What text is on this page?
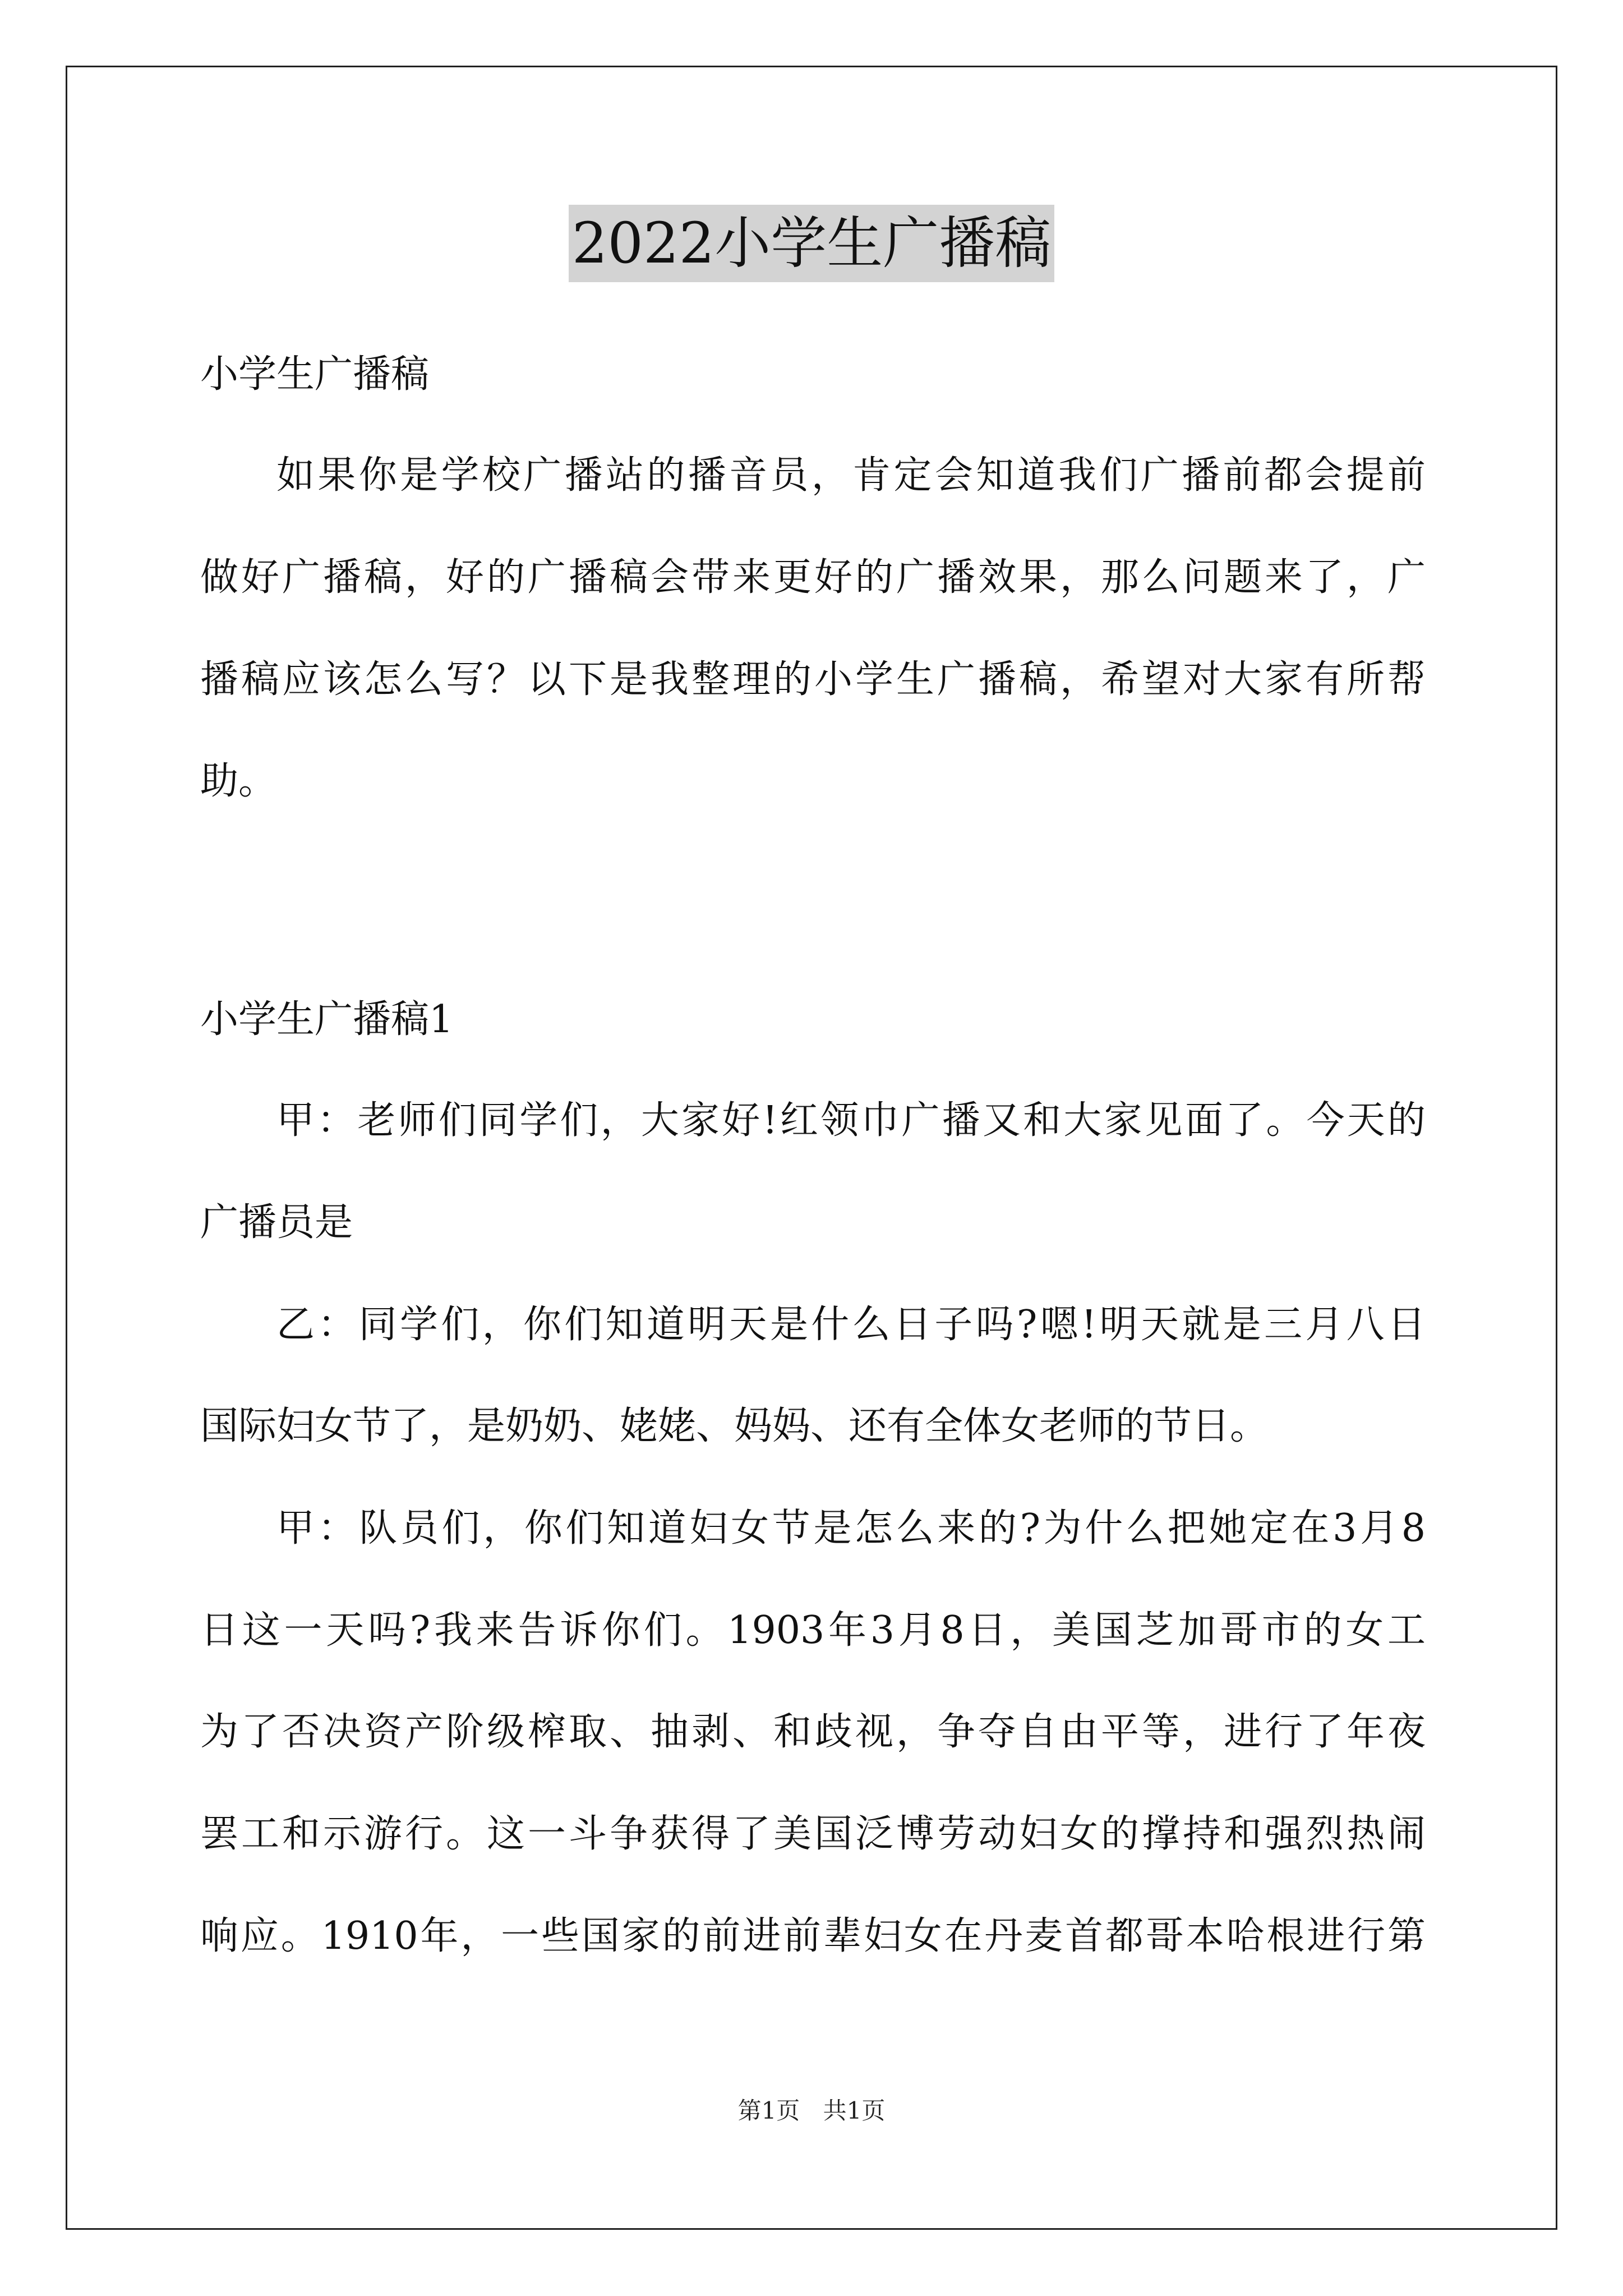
2022小学生广播稿
小学生广播稿
如果你是学校广播站的播音员，肯定会知道我们广播前都会提前
做好广播稿，好的广播稿会带来更好的广播效果，那么问题来了，广
播稿应该怎么写？以下是我整理的小学生广播稿，希望对大家有所帮
助。
小学生广播稿1
甲：老师们同学们，大家好!红领巾广播又和大家见面了。今天的
广播员是
乙：同学们，你们知道明天是什么日子吗?嗯!明天就是三月八日
国际妇女节了，是奶奶、姥姥、妈妈、还有全体女老师的节日。
甲：队员们，你们知道妇女节是怎么来的?为什么把她定在3月8
日这一天吗?我来告诉你们。1903年3月8日，美国芝加哥市的女工
为了否决资产阶级榨取、抽剥、和歧视，争夺自由平等，进行了年夜
罢工和示游行。这一斗争获得了美国泛博劳动妇女的撑持和强烈热闹
响应。1910年，一些国家的前进前辈妇女在丹麦首都哥本哈根进行第
第1页 共1页
